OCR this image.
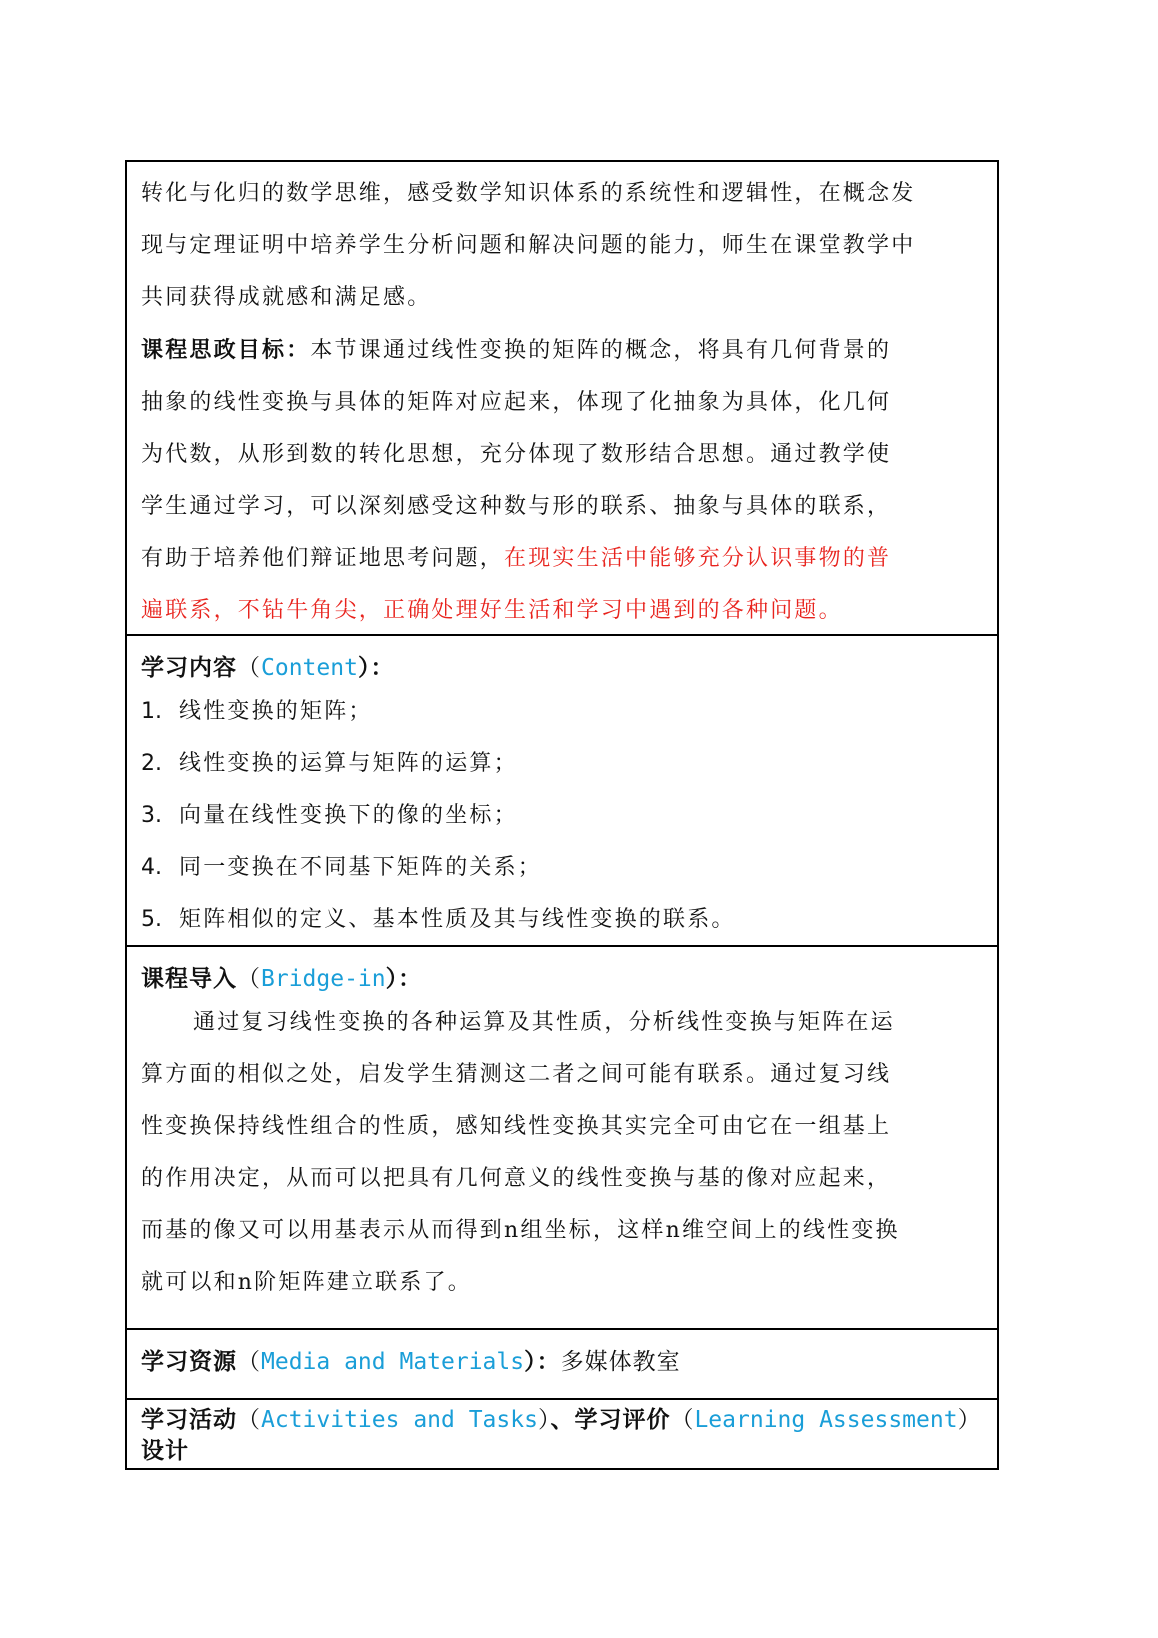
转化与化归的数学思维，感受数学知识体系的系统性和逻辑性，在概念发

现与定理证明中培养学生分析问题和解决问题的能力，师生在课堂教学中

共同获得成就感和满足感。

课程思政目标：本节课通过线性变换的矩阵的概念，将具有几何背景的

抽象的线性变换与具体的矩阵对应起来，体现了化抽象为具体，化几何

为代数，从形到数的转化思想，充分体现了数形结合思想。通过教学使

学生通过学习，可以深刻感受这种数与形的联系、抽象与具体的联系，

有助于培养他们辩证地思考问题，在现实生活中能够充分认识事物的普

遍联系，不钻牛角尖，正确处理好生活和学习中遇到的各种问题。

学习内容（Content）：

1. 线性变换的矩阵；

2. 线性变换的运算与矩阵的运算；

3. 向量在线性变换下的像的坐标；

4. 同一变换在不同基下矩阵的关系；

5. 矩阵相似的定义、基本性质及其与线性变换的联系。

课程导入（Bridge-in）：

通过复习线性变换的各种运算及其性质，分析线性变换与矩阵在运

算方面的相似之处，启发学生猜测这二者之间可能有联系。通过复习线

性变换保持线性组合的性质，感知线性变换其实完全可由它在一组基上

的作用决定，从而可以把具有几何意义的线性变换与基的像对应起来，

而基的像又可以用基表示从而得到n组坐标，这样n维空间上的线性变换

就可以和n阶矩阵建立联系了。

学习资源（Media and Materials）：多媒体教室

学习活动（Activities and Tasks）、学习评价（Learning Assessment）

设计
